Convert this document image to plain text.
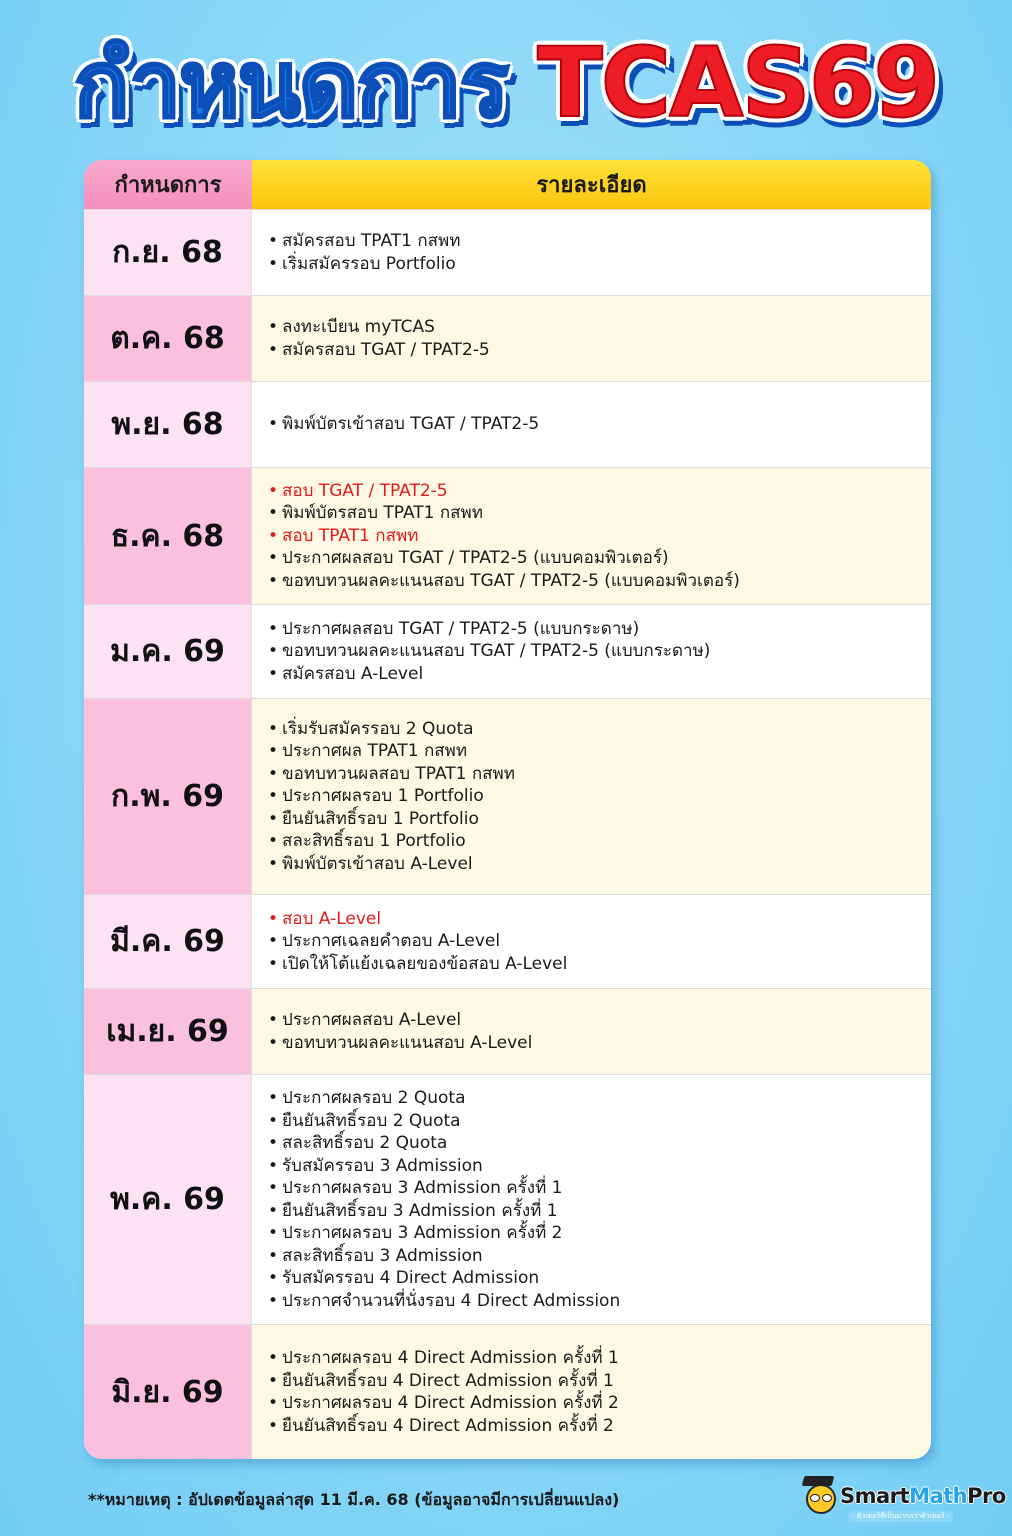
กำหนดการ TCAS69
กำหนดการ	รายละเอียด
ก.ย. 68	• สมัครสอบ TPAT1 กสพท
• เริ่มสมัครรอบ Portfolio
ต.ค. 68	• ลงทะเบียน myTCAS
• สมัครสอบ TGAT / TPAT2-5
พ.ย. 68	• พิมพ์บัตรเข้าสอบ TGAT / TPAT2-5
ธ.ค. 68
• สอบ TGAT / TPAT2-5
• พิมพ์บัตรสอบ TPAT1 กสพท
• สอบ TPAT1 กสพท
• ประกาศผลสอบ TGAT / TPAT2-5 (แบบคอมพิวเตอร์)
• ขอทบทวนผลคะแนนสอบ TGAT / TPAT2-5 (แบบคอมพิวเตอร์)
ม.ค. 69
• ประกาศผลสอบ TGAT / TPAT2-5 (แบบกระดาษ)
• ขอทบทวนผลคะแนนสอบ TGAT / TPAT2-5 (แบบกระดาษ)
• สมัครสอบ A-Level
ก.พ. 69
• เริ่มรับสมัครรอบ 2 Quota
• ประกาศผล TPAT1 กสพท
• ขอทบทวนผลสอบ TPAT1 กสพท
• ประกาศผลรอบ 1 Portfolio
• ยืนยันสิทธิ์รอบ 1 Portfolio
• สละสิทธิ์รอบ 1 Portfolio
• พิมพ์บัตรเข้าสอบ A-Level
มี.ค. 69
• สอบ A-Level
• ประกาศเฉลยคำตอบ A-Level
• เปิดให้โต้แย้งเฉลยของข้อสอบ A-Level
เม.ย. 69	• ประกาศผลสอบ A-Level
• ขอทบทวนผลคะแนนสอบ A-Level
พ.ค. 69
• ประกาศผลรอบ 2 Quota
• ยืนยันสิทธิ์รอบ 2 Quota
• สละสิทธิ์รอบ 2 Quota
• รับสมัครรอบ 3 Admission
• ประกาศผลรอบ 3 Admission ครั้งที่ 1
• ยืนยันสิทธิ์รอบ 3 Admission ครั้งที่ 1
• ประกาศผลรอบ 3 Admission ครั้งที่ 2
• สละสิทธิ์รอบ 3 Admission
• รับสมัครรอบ 4 Direct Admission
• ประกาศจำนวนที่นั่งรอบ 4 Direct Admission
มิ.ย. 69
• ประกาศผลรอบ 4 Direct Admission ครั้งที่ 1
• ยืนยันสิทธิ์รอบ 4 Direct Admission ครั้งที่ 1
• ประกาศผลรอบ 4 Direct Admission ครั้งที่ 2
• ยืนยันสิทธิ์รอบ 4 Direct Admission ครั้งที่ 2
**หมายเหตุ : อัปเดตข้อมูลล่าสุด 11 มี.ค. 68 (ข้อมูลอาจมีการเปลี่ยนแปลง)	SmartMathPro
- ติวเตอร์ที่เป็นมากกว่าติวเตอร์ -
